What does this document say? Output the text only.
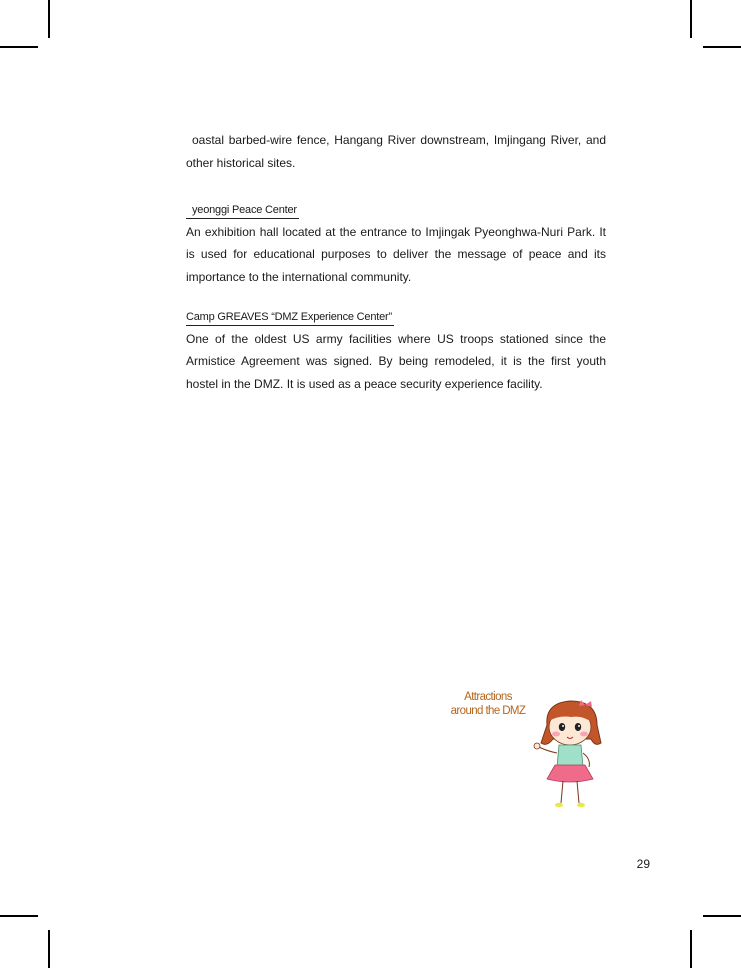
oastal barbed-wire fence, Hangang River downstream, Imjingang River, and other historical sites.

yeonggi Peace Center

An exhibition hall located at the entrance to Imjingak Pyeonghwa-Nuri Park. It is used for educational purposes to deliver the message of peace and its importance to the international community.

Camp GREAVES “DMZ Experience Center”

One of the oldest US army facilities where US troops stationed since the Armistice Agreement was signed. By being remodeled, it is the first youth hostel in the DMZ. It is used as a peace security experience facility.

Attractions
around the DMZ
29
